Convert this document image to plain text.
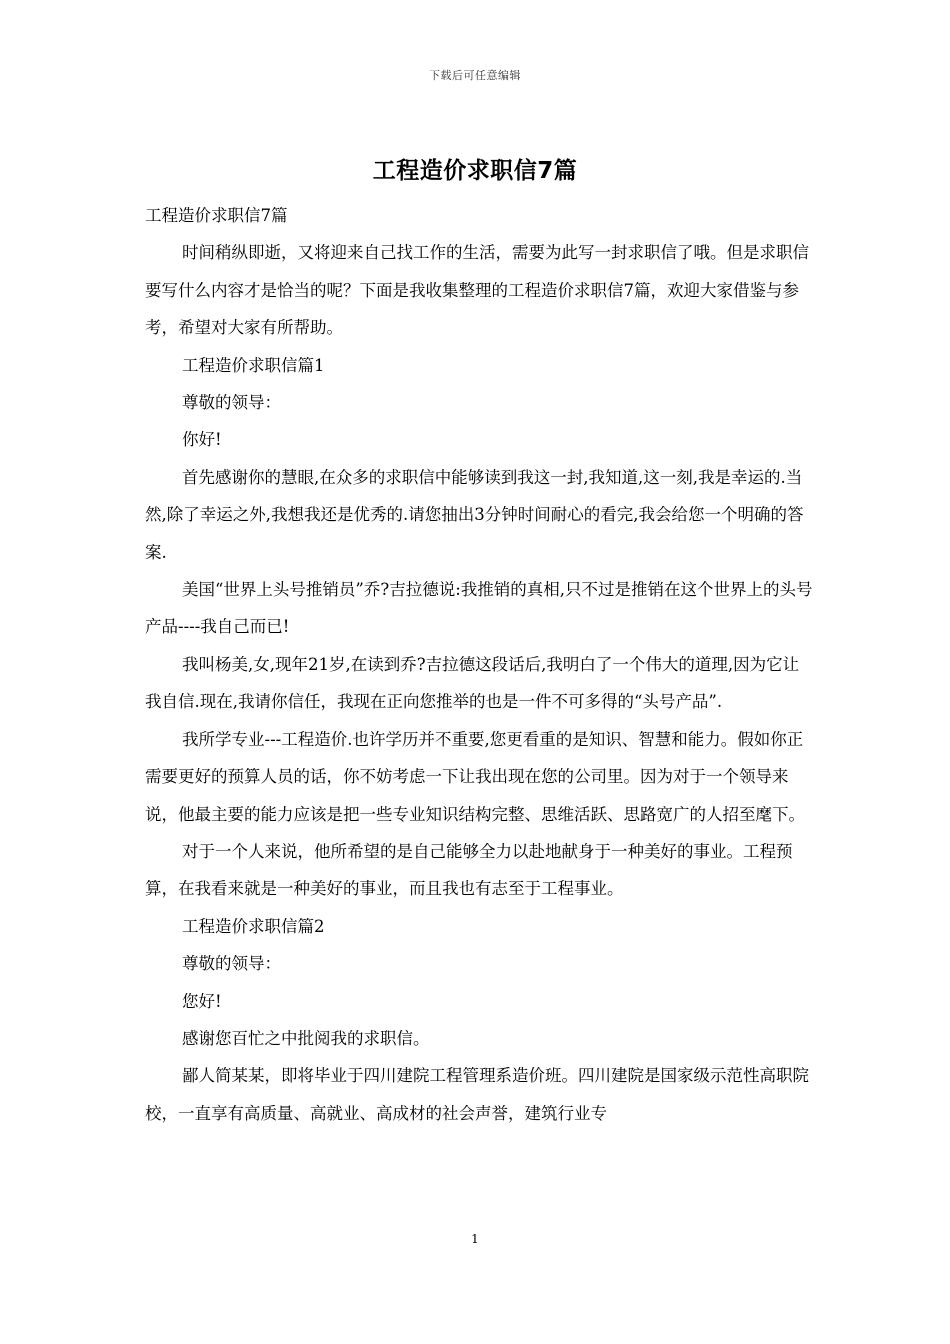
下载后可任意编辑
工程造价求职信7篇

工程造价求职信7篇

时间稍纵即逝，又将迎来自己找工作的生活，需要为此写一封求职信了哦。但是求职信要写什么内容才是恰当的呢？下面是我收集整理的工程造价求职信7篇，欢迎大家借鉴与参考，希望对大家有所帮助。

工程造价求职信篇1

尊敬的领导：

你好!

首先感谢你的慧眼,在众多的求职信中能够读到我这一封,我知道,这一刻,我是幸运的.当然,除了幸运之外,我想我还是优秀的.请您抽出3分钟时间耐心的看完,我会给您一个明确的答案.

美国“世界上头号推销员”乔?吉拉德说:我推销的真相,只不过是推销在这个世界上的头号产品----我自己而已!

我叫杨美,女,现年21岁,在读到乔?吉拉德这段话后,我明白了一个伟大的道理,因为它让我自信.现在,我请你信任，我现在正向您推举的也是一件不可多得的“头号产品”.

我所学专业---工程造价.也许学历并不重要,您更看重的是知识、智慧和能力。假如你正需要更好的预算人员的话，你不妨考虑一下让我出现在您的公司里。因为对于一个领导来说，他最主要的能力应该是把一些专业知识结构完整、思维活跃、思路宽广的人招至麾下。

对于一个人来说，他所希望的是自己能够全力以赴地献身于一种美好的事业。工程预算，在我看来就是一种美好的事业，而且我也有志至于工程事业。

工程造价求职信篇2

尊敬的领导：

您好!

感谢您百忙之中批阅我的求职信。

鄙人简某某，即将毕业于四川建院工程管理系造价班。四川建院是国家级示范性高职院校，一直享有高质量、高就业、高成材的社会声誉，建筑行业专

1
